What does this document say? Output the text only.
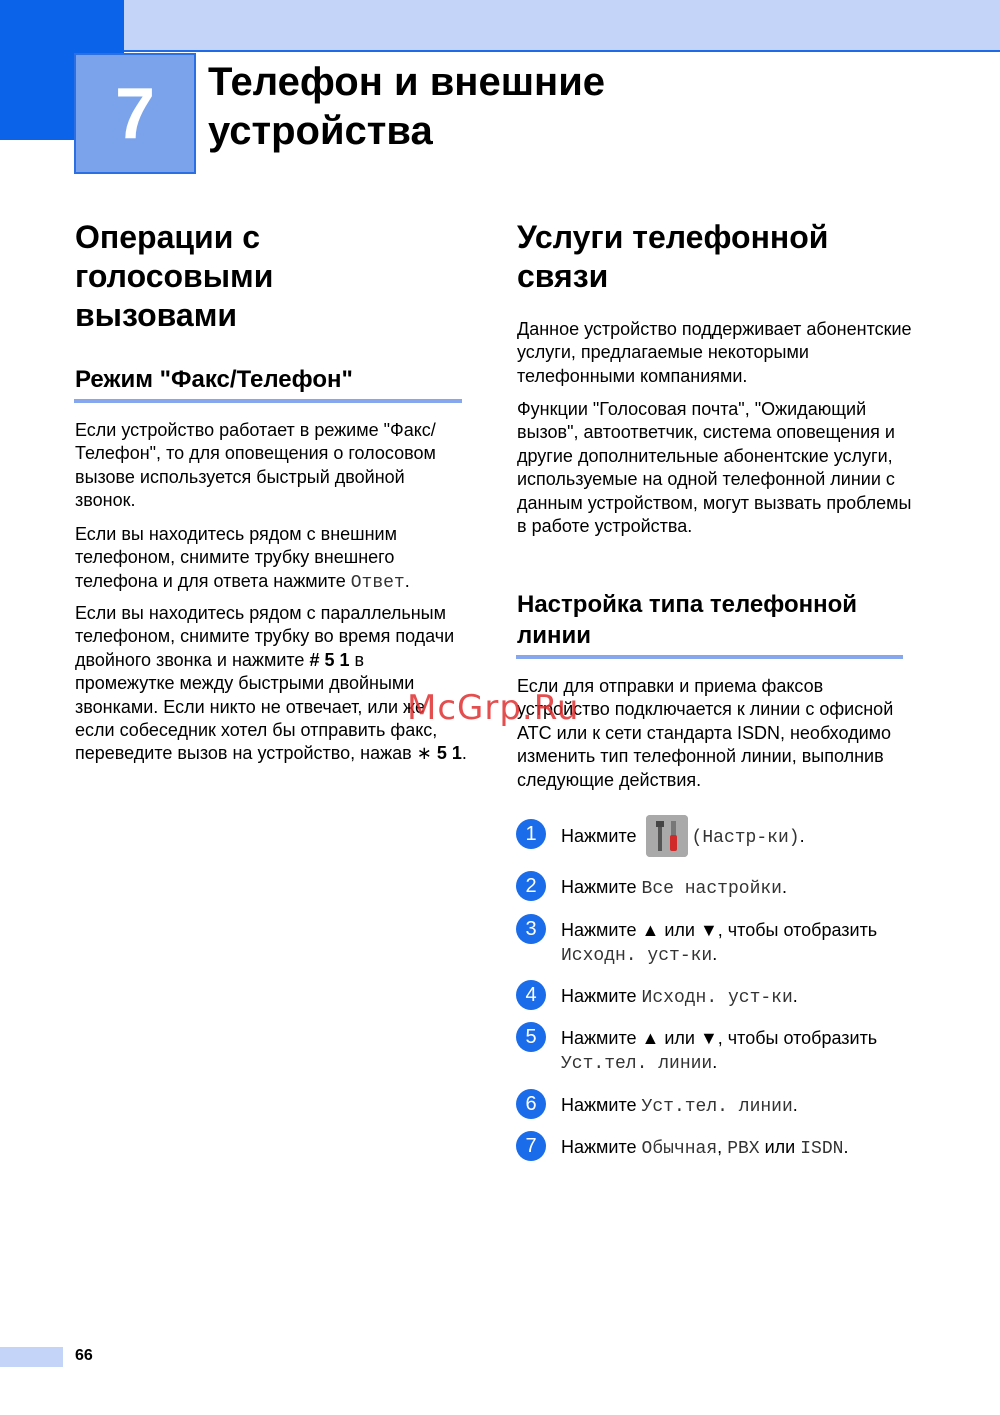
7 Телефон и внешние
устройства
Операции с
голосовыми
вызовами
Режим "Факс/Телефон"

Если устройство работает в режиме "Факс/Телефон", то для оповещения о голосовом вызове используется быстрый двойной звонок.

Если вы находитесь рядом с внешним телефоном, снимите трубку внешнего телефона и для ответа нажмите Ответ.

Если вы находитесь рядом с параллельным телефоном, снимите трубку во время подачи двойного звонка и нажмите # 5 1 в промежутке между быстрыми двойными звонками. Если никто не отвечает, или же если собеседник хотел бы отправить факс, переведите вызов на устройство, нажав ∗ 5 1.

Услуги телефонной
связи

Данное устройство поддерживает абонентские услуги, предлагаемые некоторыми телефонными компаниями.

Функции "Голосовая почта", "Ожидающий вызов", автоответчик, система оповещения и другие дополнительные абонентские услуги, используемые на одной телефонной линии с данным устройством, могут вызвать проблемы в работе устройства.

Настройка типа телефонной
линии

Если для отправки и приема факсов устройство подключается к линии с офисной АТС или к сети стандарта ISDN, необходимо изменить тип телефонной линии, выполнив следующие действия.

1	Нажмите	(Настр-ки).

2	Нажмите Все настройки.

3	Нажмите ▲ или ▼, чтобы отобразить Исходн. уст-ки.

4	Нажмите Исходн. уст-ки.

5	Нажмите ▲ или ▼, чтобы отобразить Уст.тел. линии.

6	Нажмите Уст.тел. линии.

7	Нажмите Обычная, PBX или ISDN.

McGrp.Ru
66
